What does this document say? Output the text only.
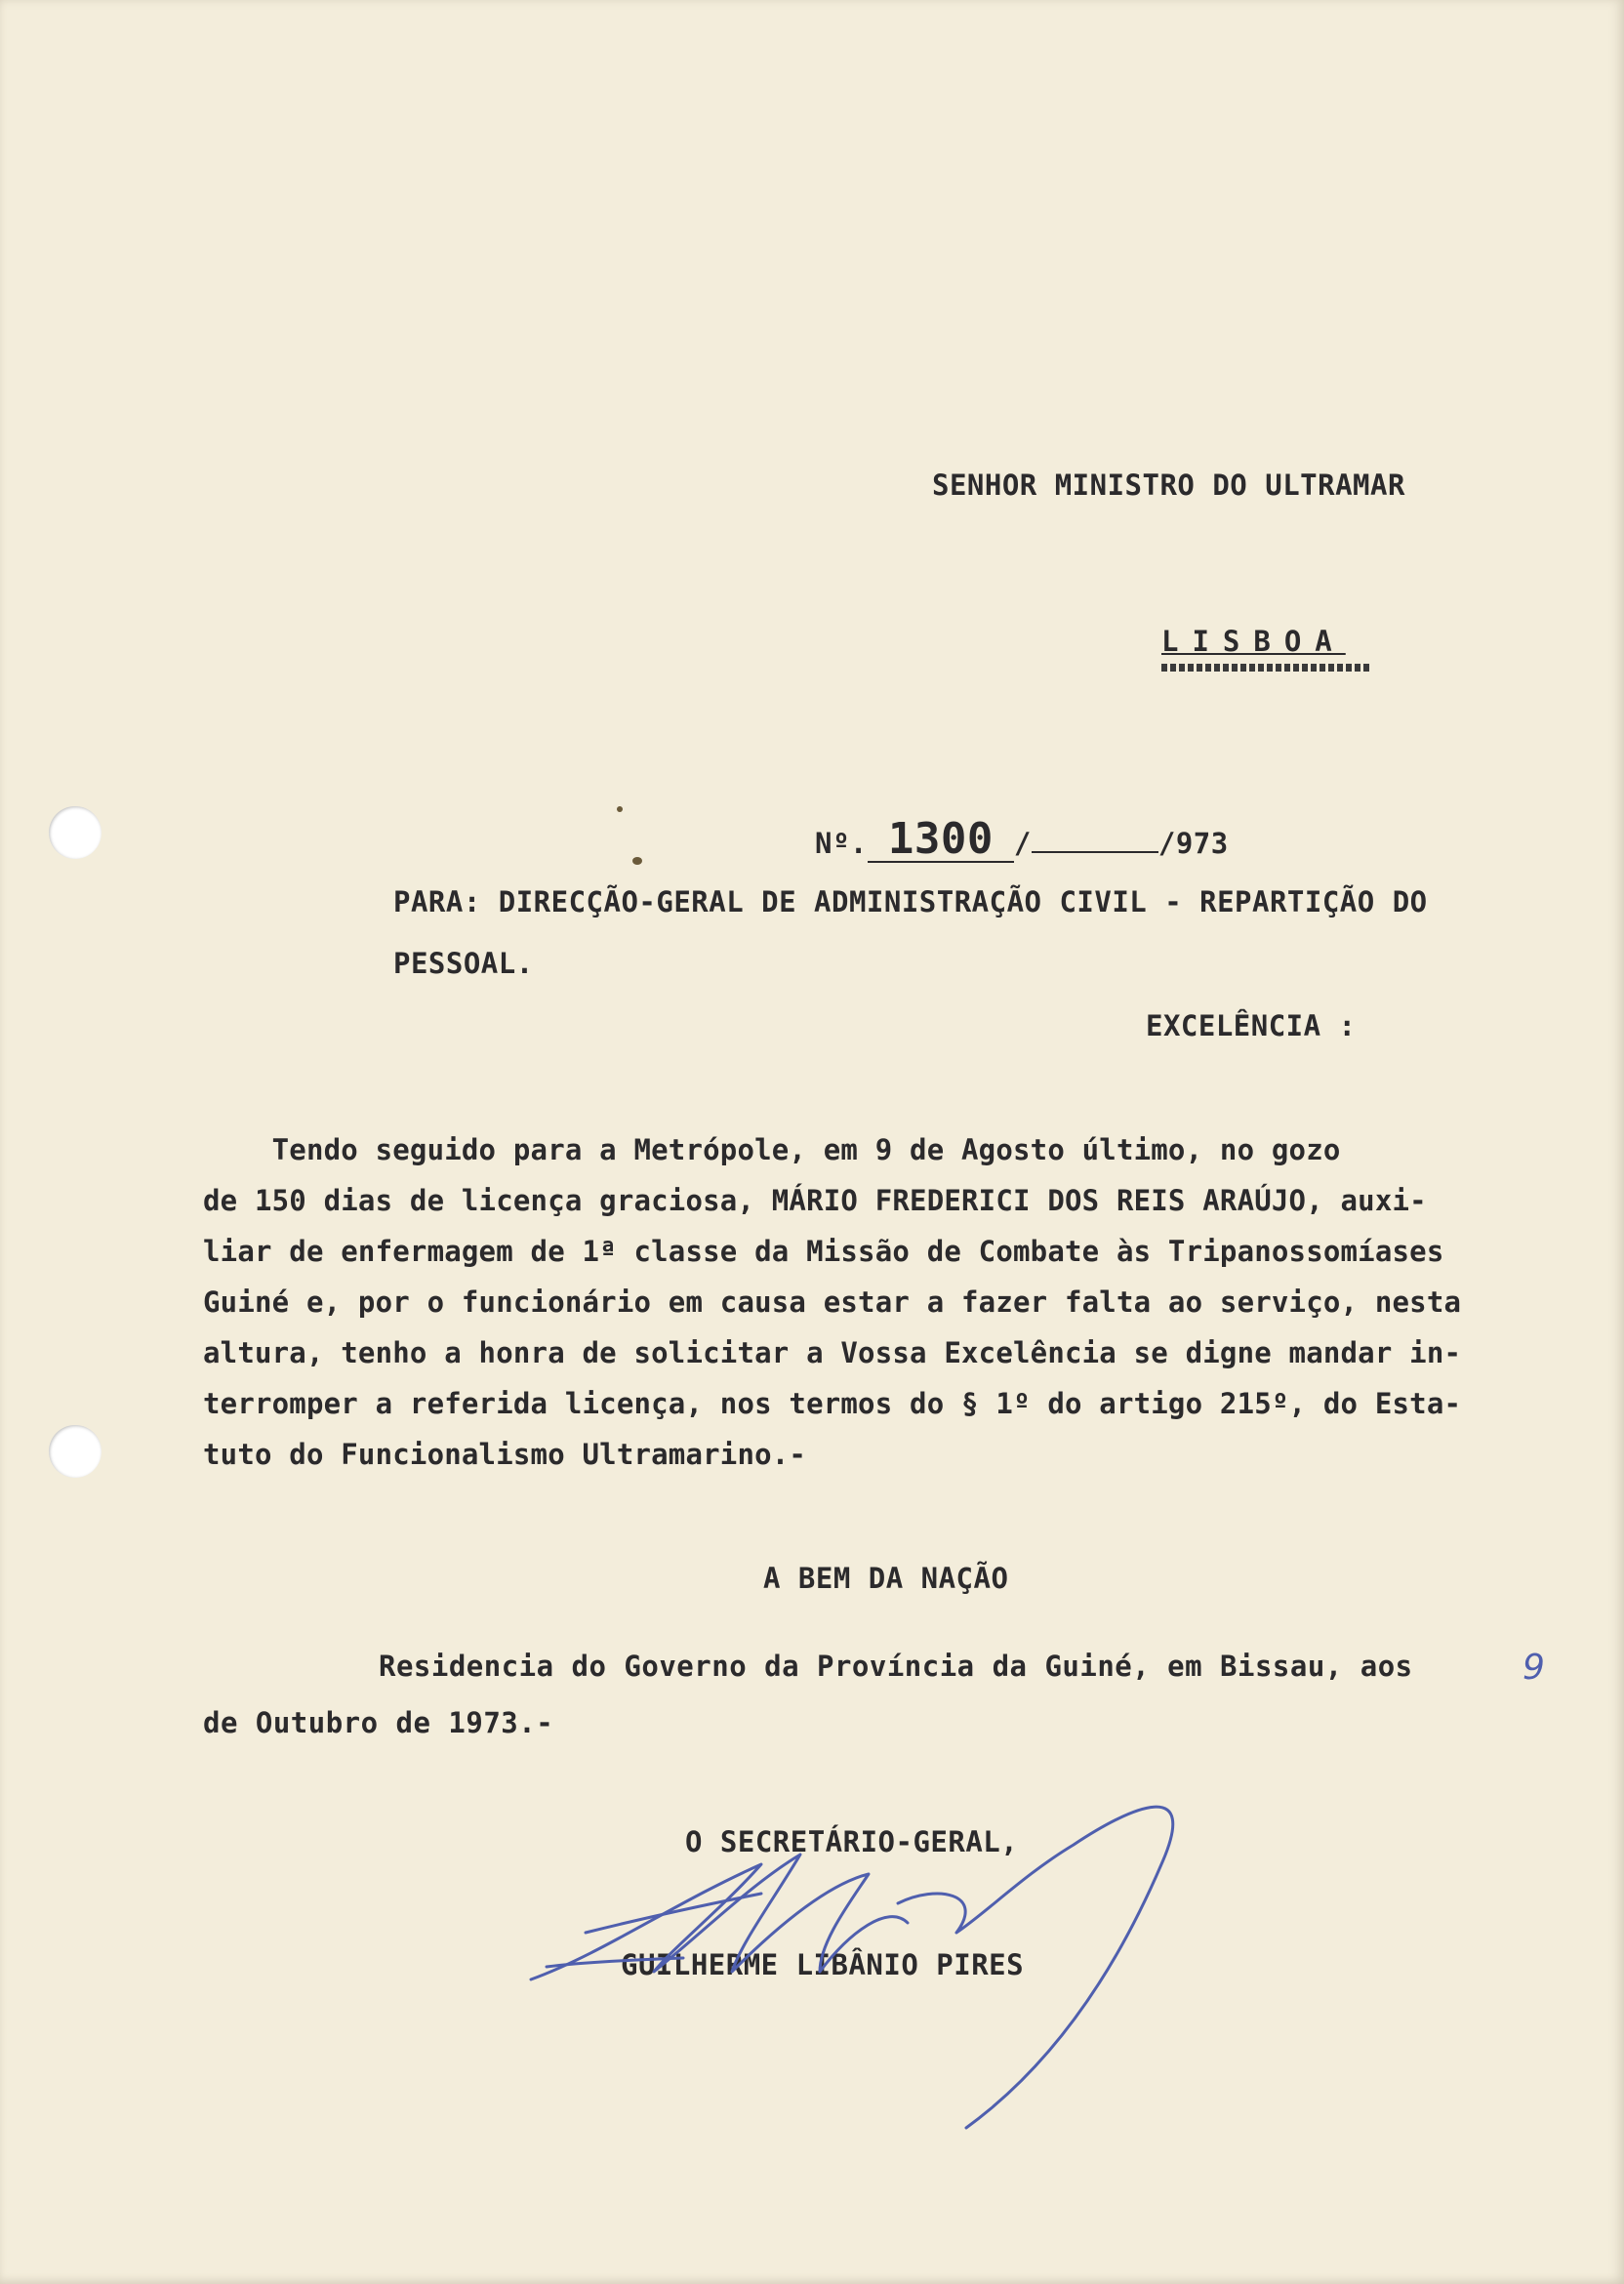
SENHOR MINISTRO DO ULTRAMAR
LISBOA
Nº. 1300 /	/973
PARA: DIRECÇÃO-GERAL DE ADMINISTRAÇÃO CIVIL - REPARTIÇÃO DO
PESSOAL.
EXCELÊNCIA :
Tendo seguido para a Metrópole, em 9 de Agosto último, no gozo
de 150 dias de licença graciosa, MÁRIO FREDERICI DOS REIS ARAÚJO, auxi-
liar de enfermagem de 1ª classe da Missão de Combate às Tripanossomíases
Guiné e, por o funcionário em causa estar a fazer falta ao serviço, nesta
altura, tenho a honra de solicitar a Vossa Excelência se digne mandar in-
terromper a referida licença, nos termos do § 1º do artigo 215º, do Esta-
tuto do Funcionalismo Ultramarino.-
A BEM DA NAÇÃO
Residencia do Governo da Província da Guiné, em Bissau, aos	9
de Outubro de 1973.-
O SECRETÁRIO-GERAL,
GUILHERME LIBÂNIO PIRES
